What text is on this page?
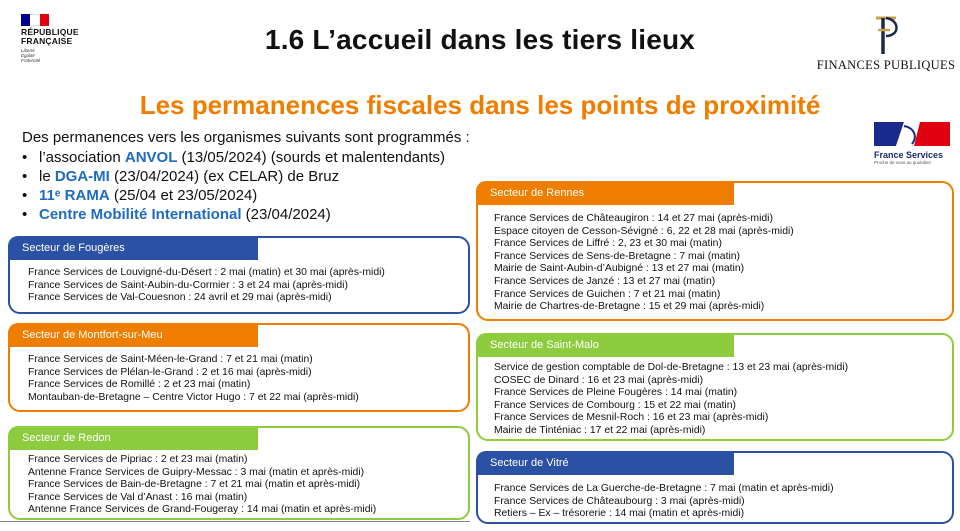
RÉPUBLIQUE
FRANÇAISE
Liberté
Égalité
Fraternité
1.6 L’accueil dans les tiers lieux
FINANCES PUBLIQUES
Les permanences fiscales dans les points de proximité
Des permanences vers les organismes suivants sont programmés :
• l’association ANVOL (13/05/2024) (sourds et malentendants)
• le DGA-MI (23/04/2024) (ex CELAR) de Bruz
• 11ᵉ RAMA (25/04 et 23/05/2024)
• Centre Mobilité International (23/04/2024)
France Services
Proche de vous au quotidien
Secteur de Fougères
France Services de Louvigné-du-Désert : 2 mai (matin) et 30 mai (après-midi)
France Services de Saint-Aubin-du-Cormier : 3 et 24 mai (après-midi)
France Services de Val-Couesnon : 24 avril et 29 mai (après-midi)
Secteur de Montfort-sur-Meu
France Services de Saint-Méen-le-Grand : 7 et 21 mai (matin)
France Services de Plélan-le-Grand : 2 et 16 mai (après-midi)
France Services de Romillé : 2 et 23 mai (matin)
Montauban-de-Bretagne – Centre Victor Hugo : 7 et 22 mai (après-midi)
Secteur de Redon
France Services de Pipriac : 2 et 23 mai (matin)
Antenne France Services de Guipry-Messac : 3 mai (matin et après-midi)
France Services de Bain-de-Bretagne : 7 et 21 mai (matin et après-midi)
France Services de Val d’Anast : 16 mai (matin)
Antenne France Services de Grand-Fougeray : 14 mai (matin et après-midi)
Secteur de Rennes
France Services de Châteaugiron : 14 et 27 mai (après-midi)
Espace citoyen de Cesson-Sévigné : 6, 22 et 28 mai (après-midi)
France Services de Liffré : 2, 23 et 30 mai (matin)
France Services de Sens-de-Bretagne : 7 mai (matin)
Mairie de Saint-Aubin-d’Aubigné : 13 et 27 mai (matin)
France Services de Janzé : 13 et 27 mai (matin)
France Services de Guichen : 7 et 21 mai (matin)
Mairie de Chartres-de-Bretagne : 15 et 29 mai (après-midi)
Secteur de Saint-Malo
Service de gestion comptable de Dol-de-Bretagne : 13 et 23 mai (après-midi)
COSEC de Dinard : 16 et 23 mai (après-midi)
France Services de Pleine Fougères : 14 mai (matin)
France Services de Combourg : 15 et 22 mai (matin)
France Services de Mesnil-Roch : 16 et 23 mai (après-midi)
Mairie de Tinténiac : 17 et 22 mai (après-midi)
Secteur de Vitré
France Services de La Guerche-de-Bretagne : 7 mai (matin et après-midi)
France Services de Châteaubourg : 3 mai (après-midi)
Retiers – Ex – trésorerie : 14 mai (matin et après-midi)
